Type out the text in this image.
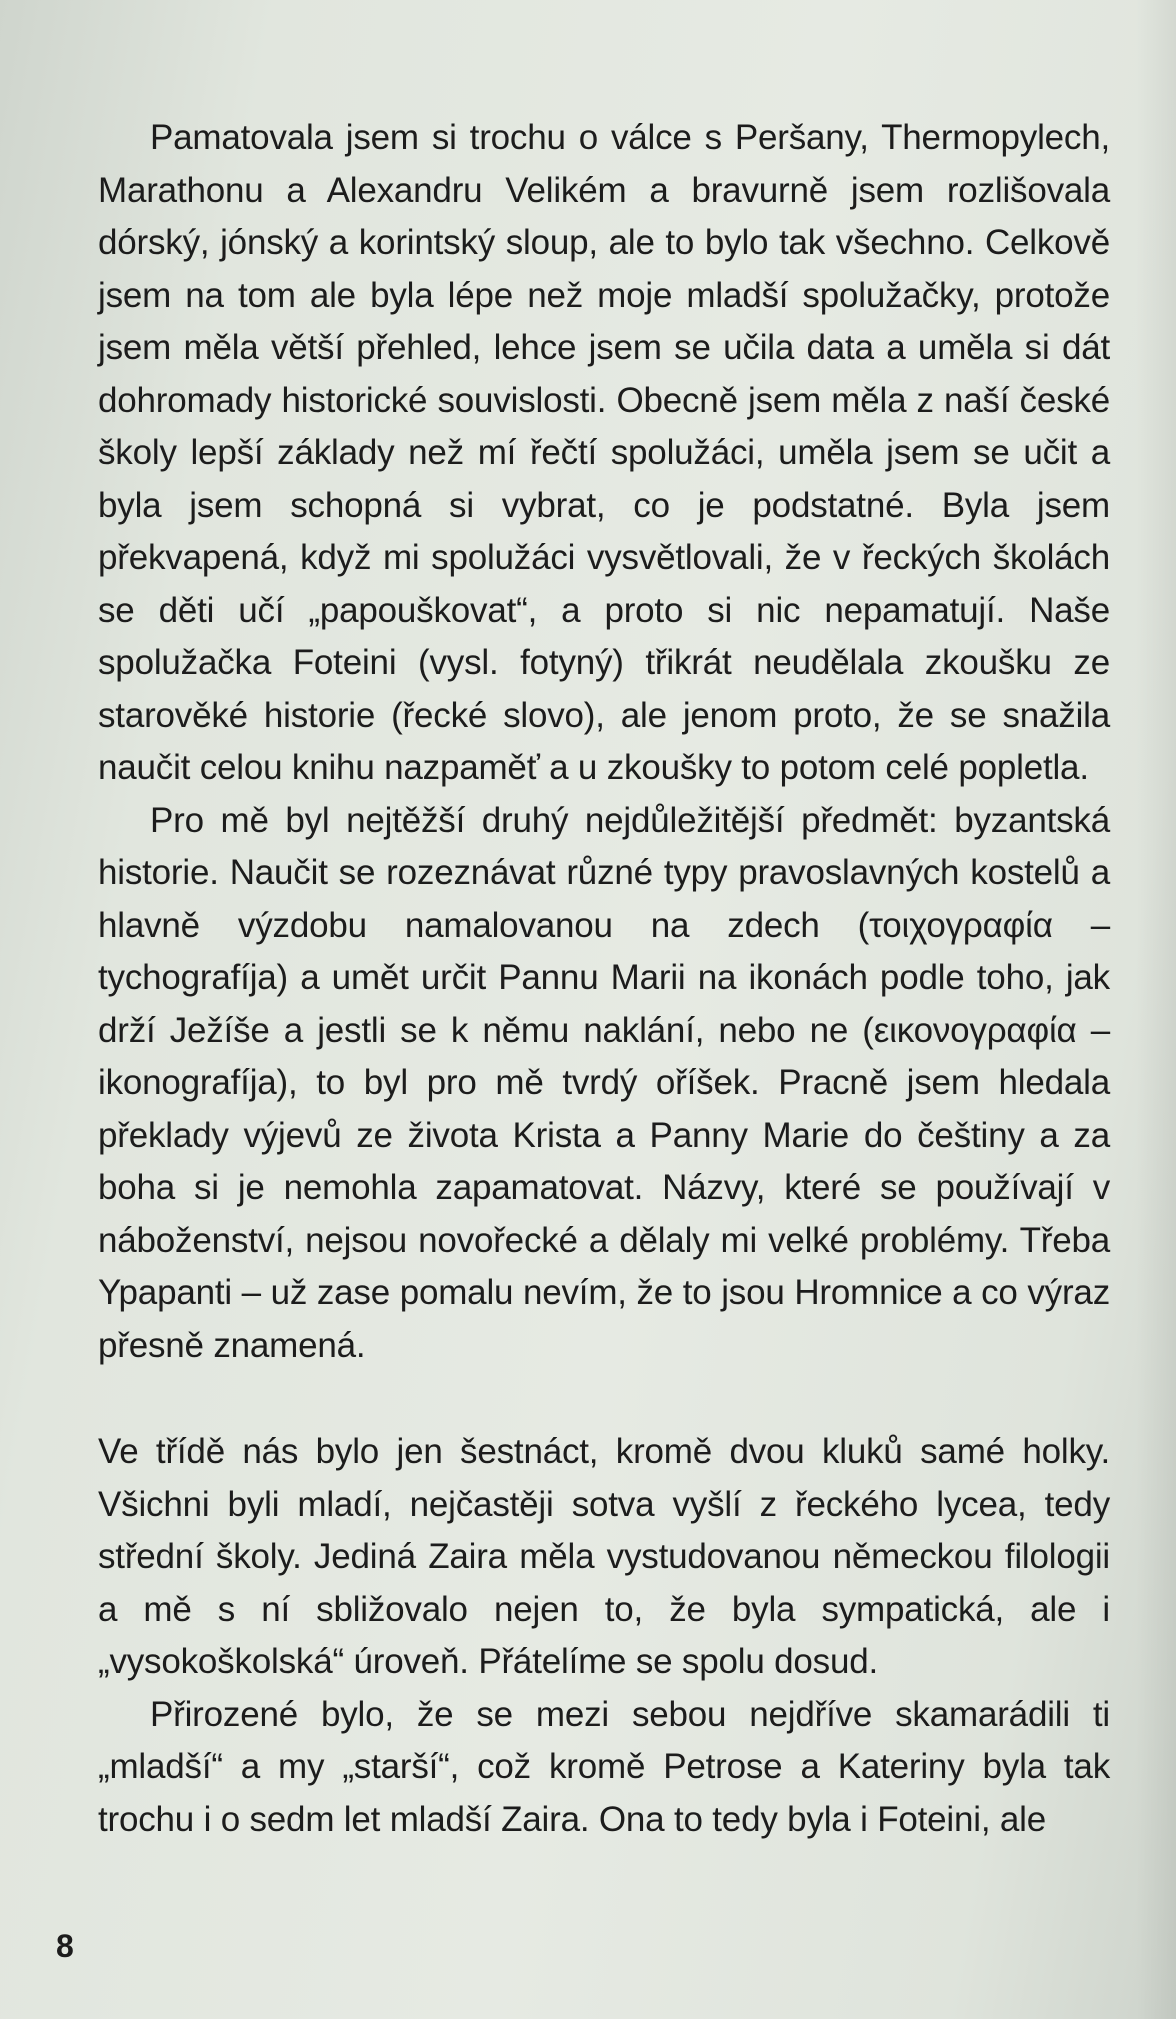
Pamatovala jsem si trochu o válce s Peršany, Thermopylech, Marathonu a Alexandru Velikém a bravurně jsem rozlišovala dórský, jónský a korintský sloup, ale to bylo tak všechno. Celkově jsem na tom ale byla lépe než moje mladší spolužačky, protože jsem měla větší přehled, lehce jsem se učila data a uměla si dát dohromady historické souvislosti. Obecně jsem měla z naší české školy lepší základy než mí řečtí spolužáci, uměla jsem se učit a byla jsem schopná si vybrat, co je podstatné. Byla jsem překvapená, když mi spolužáci vysvětlovali, že v řeckých školách se děti učí „papouškovat“, a proto si nic nepamatují. Naše spolužačka Foteini (vysl. fotyný) třikrát neudělala zkoušku ze starověké historie (řecké slovo), ale jenom proto, že se snažila naučit celou knihu nazpaměť a u zkoušky to potom celé popletla.

Pro mě byl nejtěžší druhý nejdůležitější předmět: byzantská historie. Naučit se rozeznávat různé typy pravoslavných kostelů a hlavně výzdobu namalovanou na zdech (τοιχογραφία – tychografíja) a umět určit Pannu Marii na ikonách podle toho, jak drží Ježíše a jestli se k němu naklání, nebo ne (εικονογραφία – ikonografíja), to byl pro mě tvrdý oříšek. Pracně jsem hledala překlady výjevů ze života Krista a Panny Marie do češtiny a za boha si je nemohla zapamatovat. Názvy, které se používají v náboženství, nejsou novořecké a dělaly mi velké problémy. Třeba Ypapanti – už zase pomalu nevím, že to jsou Hromnice a co výraz přesně znamená.

Ve třídě nás bylo jen šestnáct, kromě dvou kluků samé holky. Všichni byli mladí, nejčastěji sotva vyšlí z řeckého lycea, tedy střední školy. Jediná Zaira měla vystudovanou německou filologii a mě s ní sbližovalo nejen to, že byla sympatická, ale i „vysokoškolská“ úroveň. Přátelíme se spolu dosud.

Přirozené bylo, že se mezi sebou nejdříve skamarádili ti „mladší“ a my „starší“, což kromě Petrose a Kateriny byla tak trochu i o sedm let mladší Zaira. Ona to tedy byla i Foteini, ale

8
